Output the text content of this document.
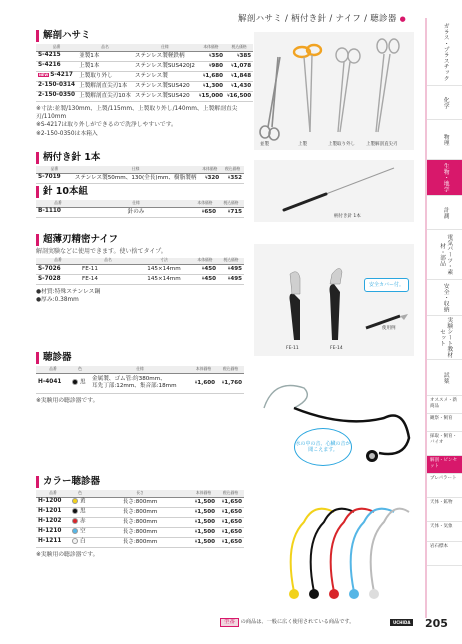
解剖ハサミ / 柄付き針 / ナイフ / 聴診器 ●
解剖ハサミ
品番	品名	仕様	本体価格	税込価格
S-4215	並製1本	ステンレス製軽鉄柄	¥350	¥385
S-4216	上製1本	ステンレス製SUS420J2	¥980	¥1,078
NEW S-4217	上製取り外し	ステンレス製	¥1,680	¥1,848
2-150-0314	上製解剖直尖刃1本	ステンレス製SUS420	¥1,300	¥1,430
2-150-0350	上製解剖直尖刃10本	ステンレス製SUS420	¥15,000	¥16,500
※寸法:並製/130mm、上製/115mm、上製取り外し/140mm、上製解剖直尖刃/110mm
※S-4217は取り外しができるので洗浄しやすいです。
※2-150-0350は本箱入
並製	上製	上製取り外し 上製解剖直尖刃
柄付き針 1本
品番	仕様	本体価格	税込価格
S-7019	ステンレス製50mm、130(全長)mm、樹脂製柄	¥320	¥352
針 10本組
品番	仕様	本体価格	税込価格
B-1110	針のみ	¥650	¥715
柄付き針 1本
超薄刃精密ナイフ
解剖実験などに使用できます。使い捨てタイプ。
品番	品名	寸法	本体価格	税込価格
S-7026	FE-11	145×14mm	¥450	¥495
S-7028	FE-14	145×14mm	¥450	¥495
●材質:特殊ステンレス鋼
●厚み:0.38mm
安全カバー付。
使用例
FE-11	FE-14
聴診器
品番	色	仕様	本体価格	税込価格
H-4041	黒	金属製、ゴム管:約380mm、
耳先丁部:12mm、集音部:18mm	¥1,600	¥1,760
※実験用の聴診器です。
水の中の音、心臓の音が聞こえます。
カラー聴診器
品番	色	長さ	本体価格	税込価格
H-1200	黄	長さ:800mm	¥1,500	¥1,650
H-1201	黒	長さ:800mm	¥1,500	¥1,650
H-1202	赤	長さ:800mm	¥1,500	¥1,650
H-1210	空	長さ:800mm	¥1,500	¥1,650
H-1211	白	長さ:800mm	¥1,500	¥1,650
※実験用の聴診器です。
ガラス・プラスチック
化学
物理
生物・地学
計測
電気パーツ・素材・部品
安全・収納
実験シート教材セット
試薬
オススメ・新商品
観察・飼育
採取・飼育・バイオ
解剖・ピンセット
プレパラート
天体・鉱物
天体・気象
岩石標本
型番 の商品は、一般に広く使用されている商品です。	UCHIDA 205
